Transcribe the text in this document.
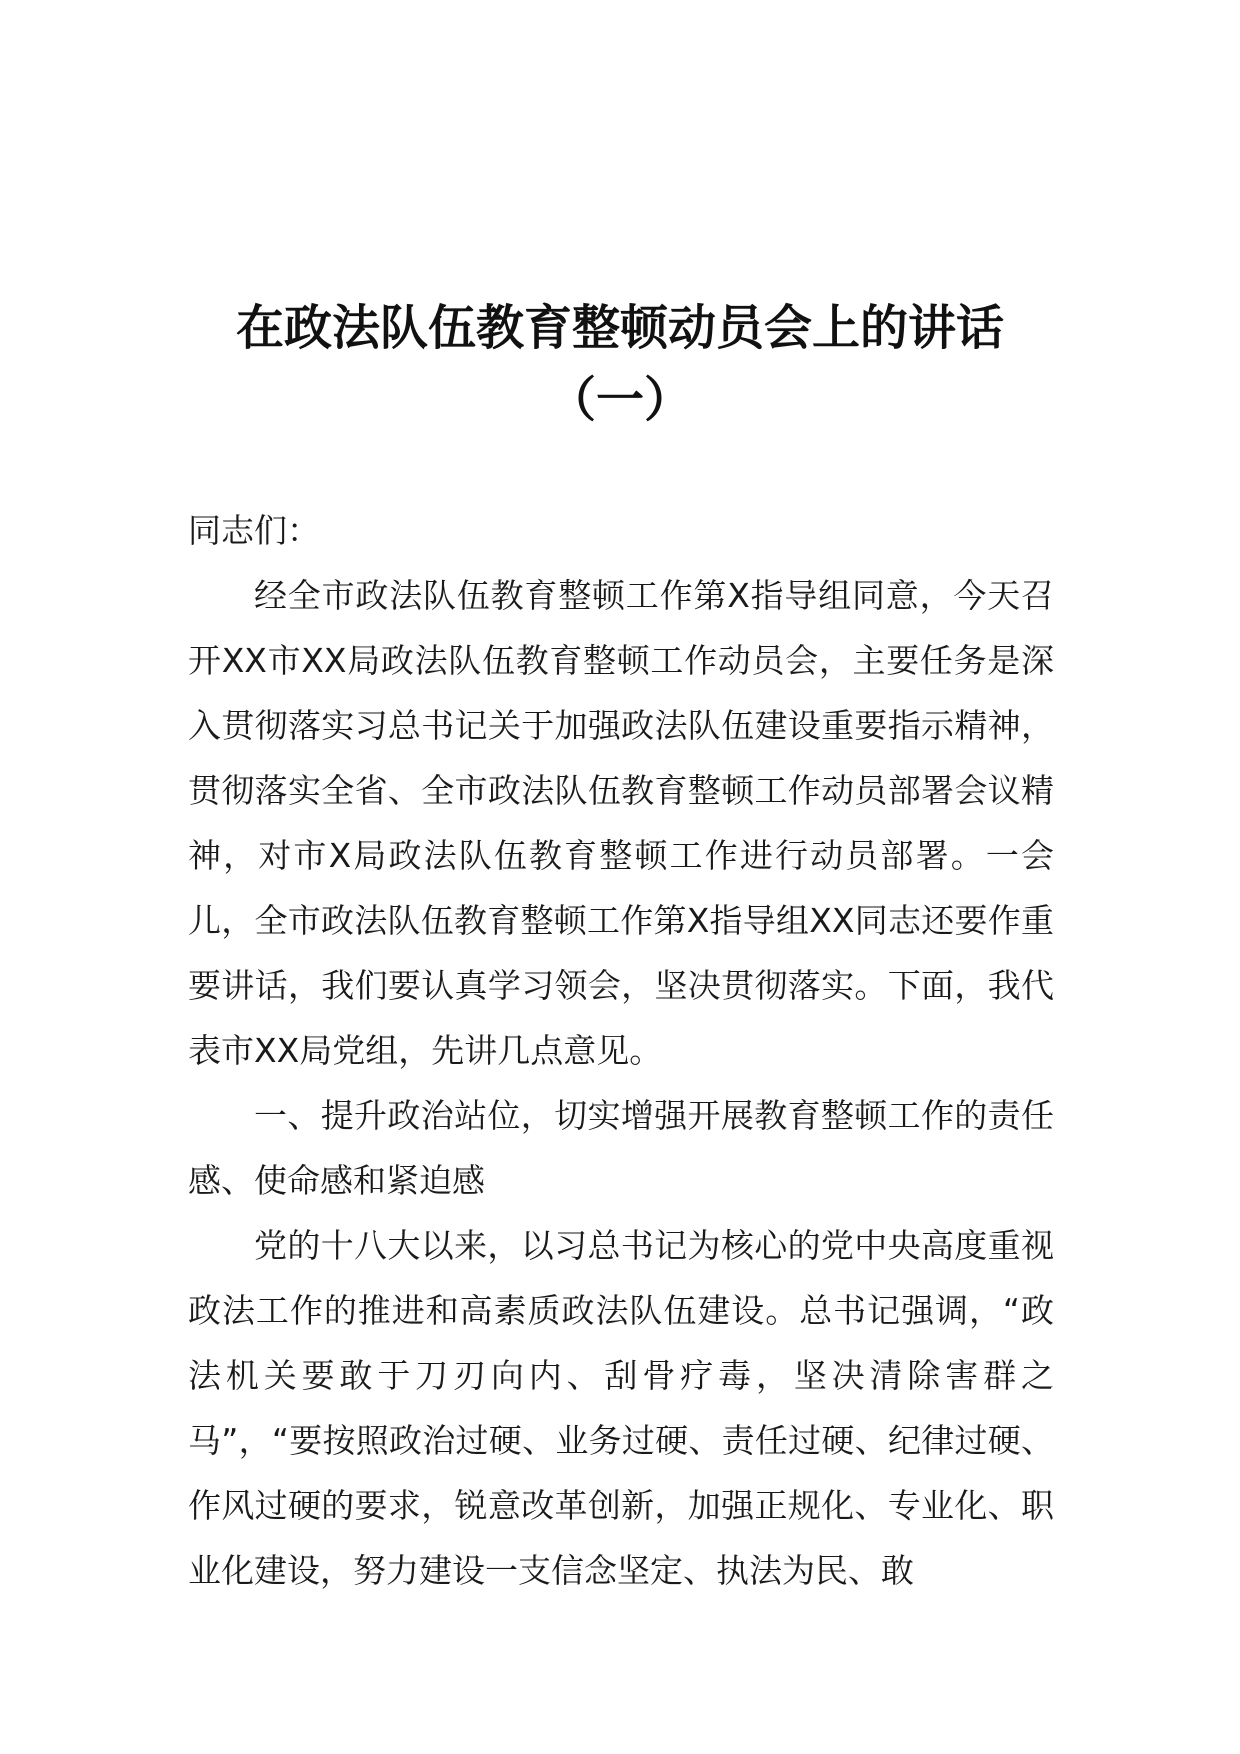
在政法队伍教育整顿动员会上的讲话
（一）

同志们：

经全市政法队伍教育整顿工作第X指导组同意，今天召开XX市XX局政法队伍教育整顿工作动员会，主要任务是深入贯彻落实习总书记关于加强政法队伍建设重要指示精神，贯彻落实全省、全市政法队伍教育整顿工作动员部署会议精神，对市X局政法队伍教育整顿工作进行动员部署。一会儿，全市政法队伍教育整顿工作第X指导组XX同志还要作重要讲话，我们要认真学习领会，坚决贯彻落实。下面，我代表市XX局党组，先讲几点意见。

一、提升政治站位，切实增强开展教育整顿工作的责任感、使命感和紧迫感

党的十八大以来，以习总书记为核心的党中央高度重视政法工作的推进和高素质政法队伍建设。总书记强调，“政法机关要敢于刀刃向内、刮骨疗毒，坚决清除害群之马”，“要按照政治过硬、业务过硬、责任过硬、纪律过硬、作风过硬的要求，锐意改革创新，加强正规化、专业化、职业化建设，努力建设一支信念坚定、执法为民、敢
